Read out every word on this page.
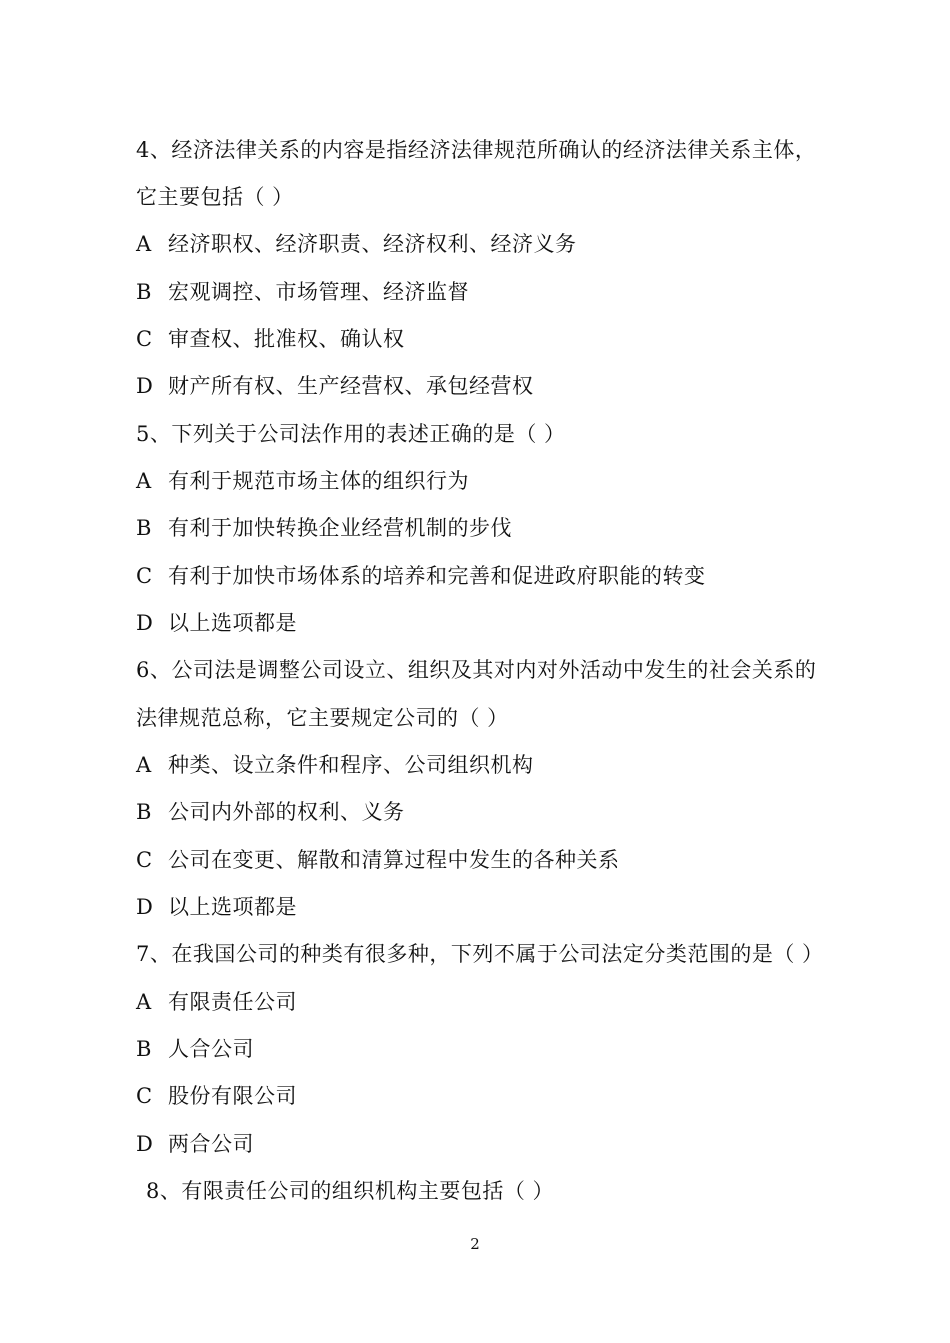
4、经济法律关系的内容是指经济法律规范所确认的经济法律关系主体，
它主要包括（ ）
A 经济职权、经济职责、经济权利、经济义务
B 宏观调控、市场管理、经济监督
C 审查权、批准权、确认权
D 财产所有权、生产经营权、承包经营权
5、下列关于公司法作用的表述正确的是（ ）
A 有利于规范市场主体的组织行为
B 有利于加快转换企业经营机制的步伐
C 有利于加快市场体系的培养和完善和促进政府职能的转变
D 以上选项都是
6、公司法是调整公司设立、组织及其对内对外活动中发生的社会关系的
法律规范总称，它主要规定公司的（ ）
A 种类、设立条件和程序、公司组织机构
B 公司内外部的权利、义务
C 公司在变更、解散和清算过程中发生的各种关系
D 以上选项都是
7、在我国公司的种类有很多种，下列不属于公司法定分类范围的是（ ）
A 有限责任公司
B 人合公司
C 股份有限公司
D 两合公司
8、有限责任公司的组织机构主要包括（ ）
2
